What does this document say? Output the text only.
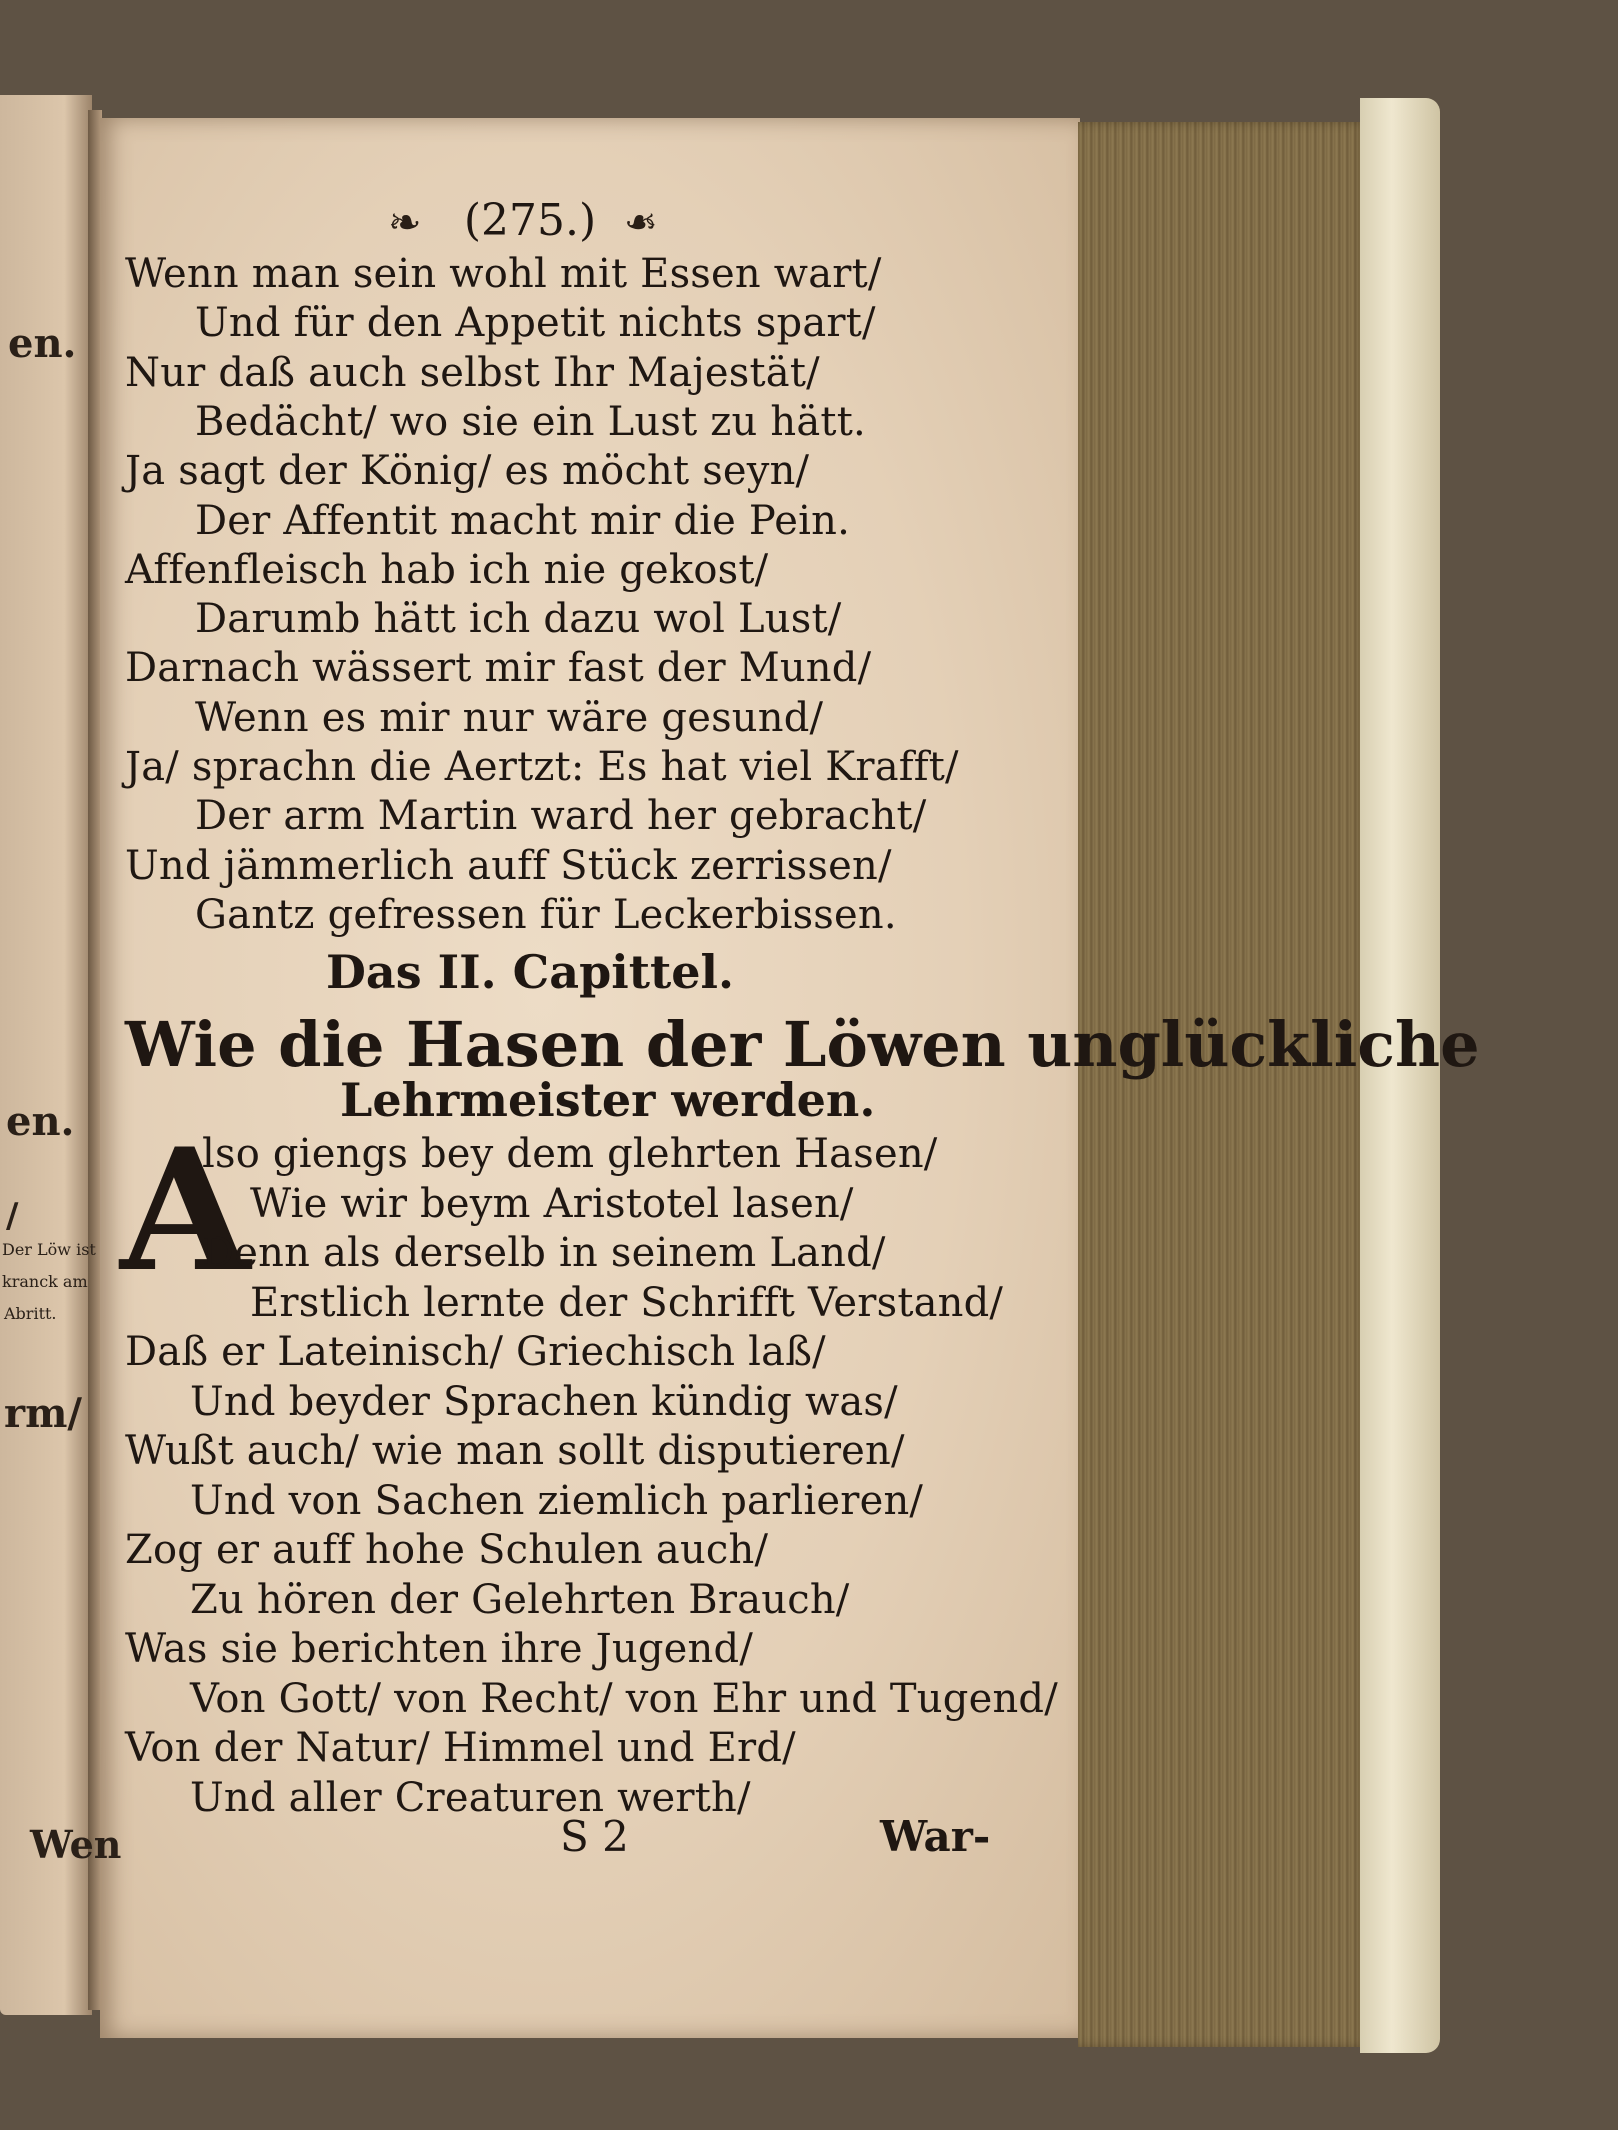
en.
en.
/
Der Löw ist
kranck am
Abritt.
rm/
Wen
❧ (275.) ❧
Wenn man sein wohl mit Essen wart/
Und für den Appetit nichts spart/
Nur daß auch selbst Ihr Majestät/
Bedächt/ wo sie ein Lust zu hätt.
Ja sagt der König/ es möcht seyn/
Der Affentit macht mir die Pein.
Affenfleisch hab ich nie gekost/
Darumb hätt ich dazu wol Lust/
Darnach wässert mir fast der Mund/
Wenn es mir nur wäre gesund/
Ja/ sprachn die Aertzt: Es hat viel Krafft/
Der arm Martin ward her gebracht/
Und jämmerlich auff Stück zerrissen/
Gantz gefressen für Leckerbissen.
Das II. Capittel.
Wie die Hasen der Löwen unglückliche
Lehrmeister werden.
A
lso giengs bey dem glehrten Hasen/
Wie wir beym Aristotel lasen/
Denn als derselb in seinem Land/
Erstlich lernte der Schrifft Verstand/
Daß er Lateinisch/ Griechisch laß/
Und beyder Sprachen kündig was/
Wußt auch/ wie man sollt disputieren/
Und von Sachen ziemlich parlieren/
Zog er auff hohe Schulen auch/
Zu hören der Gelehrten Brauch/
Was sie berichten ihre Jugend/
Von Gott/ von Recht/ von Ehr und Tugend/
Von der Natur/ Himmel und Erd/
Und aller Creaturen werth/
S 2	War-
